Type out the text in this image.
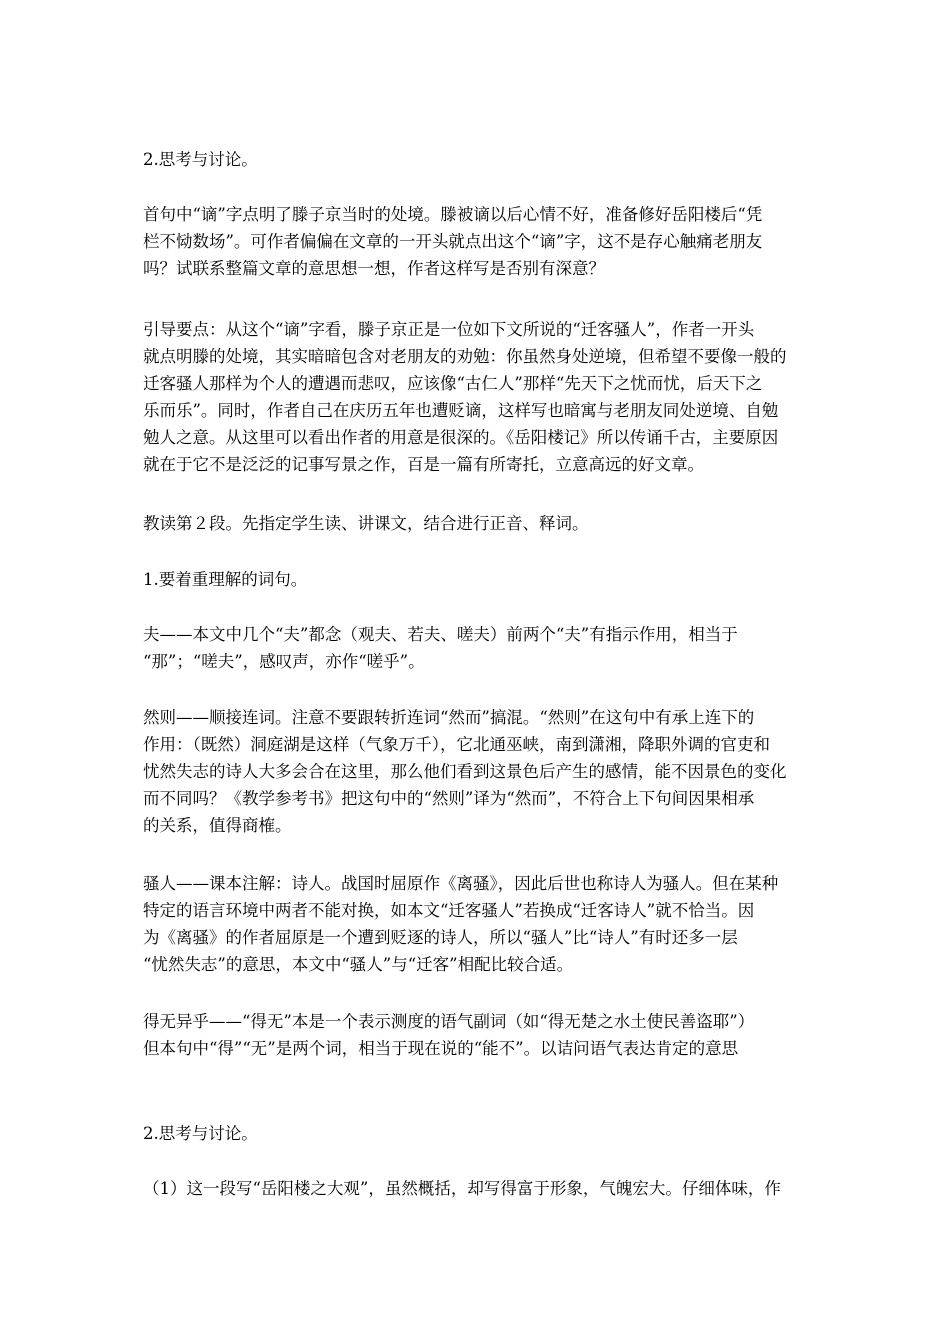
2.思考与讨论。

首句中“谪”字点明了滕子京当时的处境。滕被谪以后心情不好，准备修好岳阳楼后“凭
栏不恸数场”。可作者偏偏在文章的一开头就点出这个“谪”字，这不是存心触痛老朋友
吗？试联系整篇文章的意思想一想，作者这样写是否别有深意？

引导要点：从这个“谪”字看，滕子京正是一位如下文所说的“迁客骚人”，作者一开头
就点明滕的处境，其实暗暗包含对老朋友的劝勉：你虽然身处逆境，但希望不要像一般的
迁客骚人那样为个人的遭遇而悲叹，应该像“古仁人”那样“先天下之忧而忧，后天下之
乐而乐”。同时，作者自己在庆历五年也遭贬谪，这样写也暗寓与老朋友同处逆境、自勉
勉人之意。从这里可以看出作者的用意是很深的。《岳阳楼记》所以传诵千古，主要原因
就在于它不是泛泛的记事写景之作，百是一篇有所寄托，立意高远的好文章。

教读第２段。先指定学生读、讲课文，结合进行正音、释词。

1.要着重理解的词句。

夫——本文中几个“夫”都念（观夫、若夫、嗟夫）前两个“夫”有指示作用，相当于
“那”；“嗟夫”，感叹声，亦作“嗟乎”。

然则——顺接连词。注意不要跟转折连词“然而”搞混。“然则”在这句中有承上连下的
作用：（既然）洞庭湖是这样（气象万千），它北通巫峡，南到潇湘，降职外调的官吏和
忧然失志的诗人大多会合在这里，那么他们看到这景色后产生的感情，能不因景色的变化
而不同吗？《教学参考书》把这句中的“然则”译为“然而”，不符合上下句间因果相承
的关系，值得商榷。

骚人——课本注解：诗人。战国时屈原作《离骚》，因此后世也称诗人为骚人。但在某种
特定的语言环境中两者不能对换，如本文“迁客骚人”若换成“迁客诗人”就不恰当。因
为《离骚》的作者屈原是一个遭到贬逐的诗人，所以“骚人”比“诗人”有时还多一层
“忧然失志”的意思，本文中“骚人”与“迁客”相配比较合适。

得无异乎——“得无”本是一个表示测度的语气副词（如“得无楚之水土使民善盗耶”）
但本句中“得”“无”是两个词，相当于现在说的“能不”。以诘问语气表达肯定的意思

2.思考与讨论。

（1）这一段写“岳阳楼之大观”，虽然概括，却写得富于形象，气魄宏大。仔细体味，作
